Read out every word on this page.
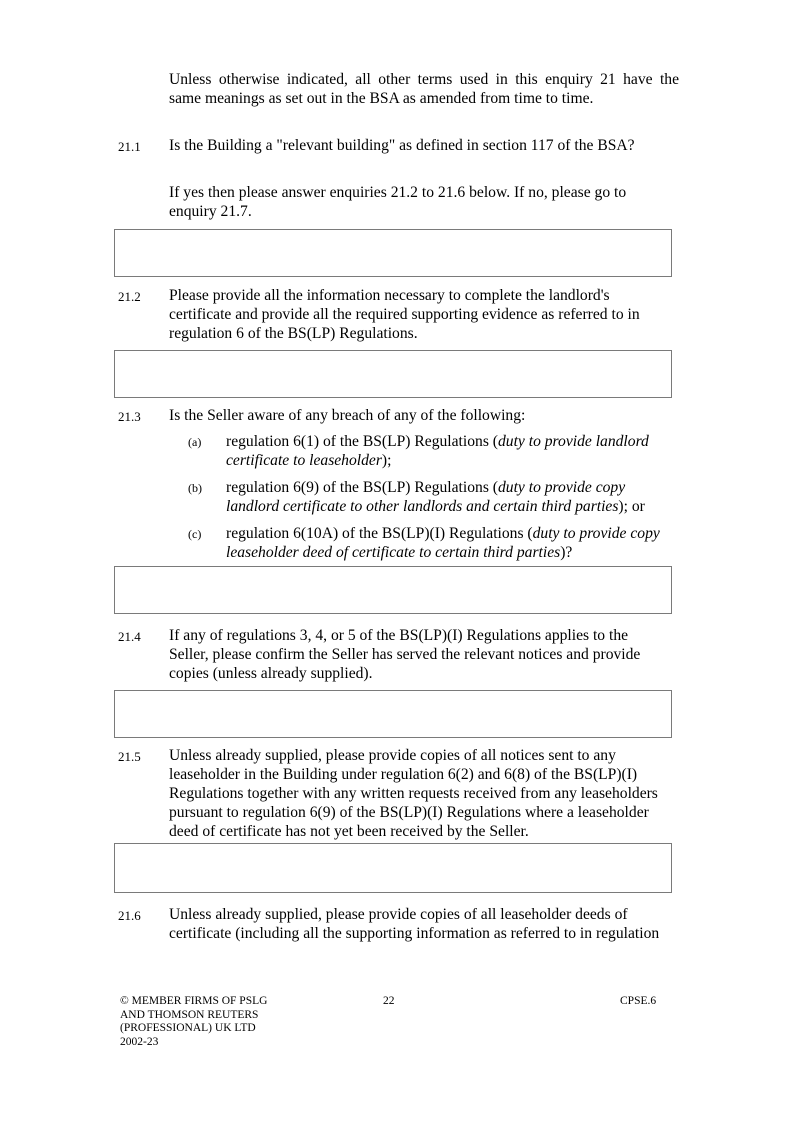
Unless otherwise indicated, all other terms used in this enquiry 21 have the
same meanings as set out in the BSA as amended from time to time.
21.1 Is the Building a "relevant building" as defined in section 117 of the BSA?
If yes then please answer enquiries 21.2 to 21.6 below. If no, please go to
enquiry 21.7.
21.2 Please provide all the information necessary to complete the landlord's
certificate and provide all the required supporting evidence as referred to in
regulation 6 of the BS(LP) Regulations.
21.3 Is the Seller aware of any breach of any of the following:
(a) regulation 6(1) of the BS(LP) Regulations (duty to provide landlord
certificate to leaseholder);
(b) regulation 6(9) of the BS(LP) Regulations (duty to provide copy
landlord certificate to other landlords and certain third parties); or
(c) regulation 6(10A) of the BS(LP)(I) Regulations (duty to provide copy
leaseholder deed of certificate to certain third parties)?
21.4 If any of regulations 3, 4, or 5 of the BS(LP)(I) Regulations applies to the
Seller, please confirm the Seller has served the relevant notices and provide
copies (unless already supplied).
21.5 Unless already supplied, please provide copies of all notices sent to any
leaseholder in the Building under regulation 6(2) and 6(8) of the BS(LP)(I)
Regulations together with any written requests received from any leaseholders
pursuant to regulation 6(9) of the BS(LP)(I) Regulations where a leaseholder
deed of certificate has not yet been received by the Seller.
21.6 Unless already supplied, please provide copies of all leaseholder deeds of
certificate (including all the supporting information as referred to in regulation
© MEMBER FIRMS OF PSLG
AND THOMSON REUTERS
(PROFESSIONAL) UK LTD
2002-23
22	CPSE.6
